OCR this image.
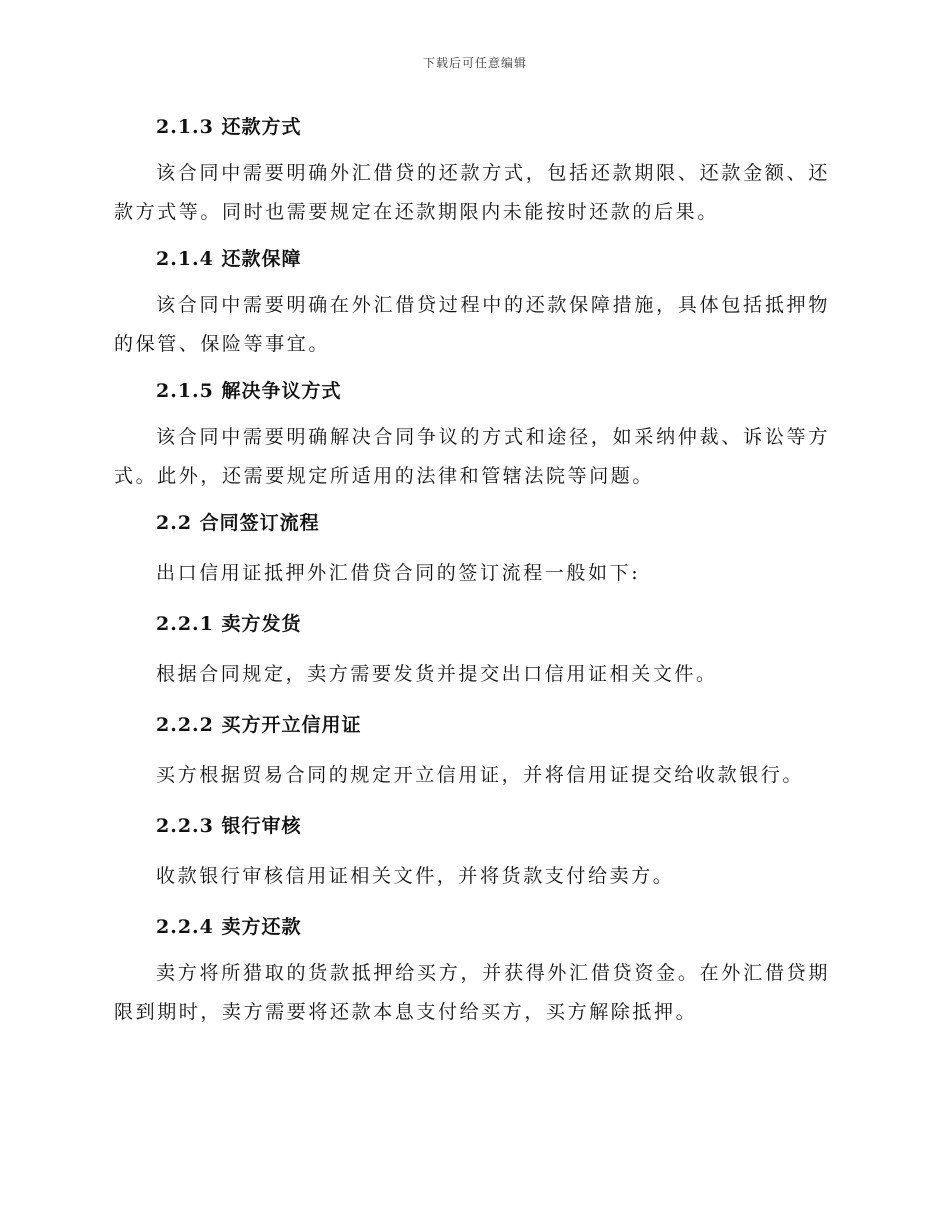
下载后可任意编辑
2.1.3 还款方式

该合同中需要明确外汇借贷的还款方式，包括还款期限、还款金额、还款方式等。同时也需要规定在还款期限内未能按时还款的后果。

2.1.4 还款保障

该合同中需要明确在外汇借贷过程中的还款保障措施，具体包括抵押物的保管、保险等事宜。

2.1.5 解决争议方式

该合同中需要明确解决合同争议的方式和途径，如采纳仲裁、诉讼等方式。此外，还需要规定所适用的法律和管辖法院等问题。

2.2 合同签订流程

出口信用证抵押外汇借贷合同的签订流程一般如下:

2.2.1 卖方发货

根据合同规定，卖方需要发货并提交出口信用证相关文件。

2.2.2 买方开立信用证

买方根据贸易合同的规定开立信用证，并将信用证提交给收款银行。

2.2.3 银行审核

收款银行审核信用证相关文件，并将货款支付给卖方。

2.2.4 卖方还款

卖方将所猎取的货款抵押给买方，并获得外汇借贷资金。在外汇借贷期限到期时，卖方需要将还款本息支付给买方，买方解除抵押。
